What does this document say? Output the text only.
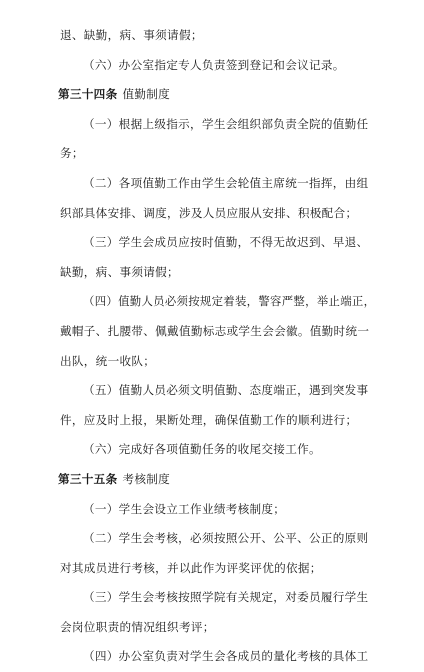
退、缺勤，病、事须请假；
（六）办公室指定专人负责签到登记和会议记录。
第三十四条 值勤制度
（一）根据上级指示，学生会组织部负责全院的值勤任
务；
（二）各项值勤工作由学生会轮值主席统一指挥，由组
织部具体安排、调度，涉及人员应服从安排、积极配合；
（三）学生会成员应按时值勤，不得无故迟到、早退、
缺勤，病、事须请假；
（四）值勤人员必须按规定着装，警容严整，举止端正，
戴帽子、扎腰带、佩戴值勤标志或学生会会徽。值勤时统一
出队，统一收队；
（五）值勤人员必须文明值勤、态度端正，遇到突发事
件，应及时上报，果断处理，确保值勤工作的顺利进行；
（六）完成好各项值勤任务的收尾交接工作。
第三十五条 考核制度
（一）学生会设立工作业绩考核制度；
（二）学生会考核，必须按照公开、公平、公正的原则
对其成员进行考核，并以此作为评奖评优的依据；
（三）学生会考核按照学院有关规定，对委员履行学生
会岗位职责的情况组织考评；
（四）办公室负责对学生会各成员的量化考核的具体工
